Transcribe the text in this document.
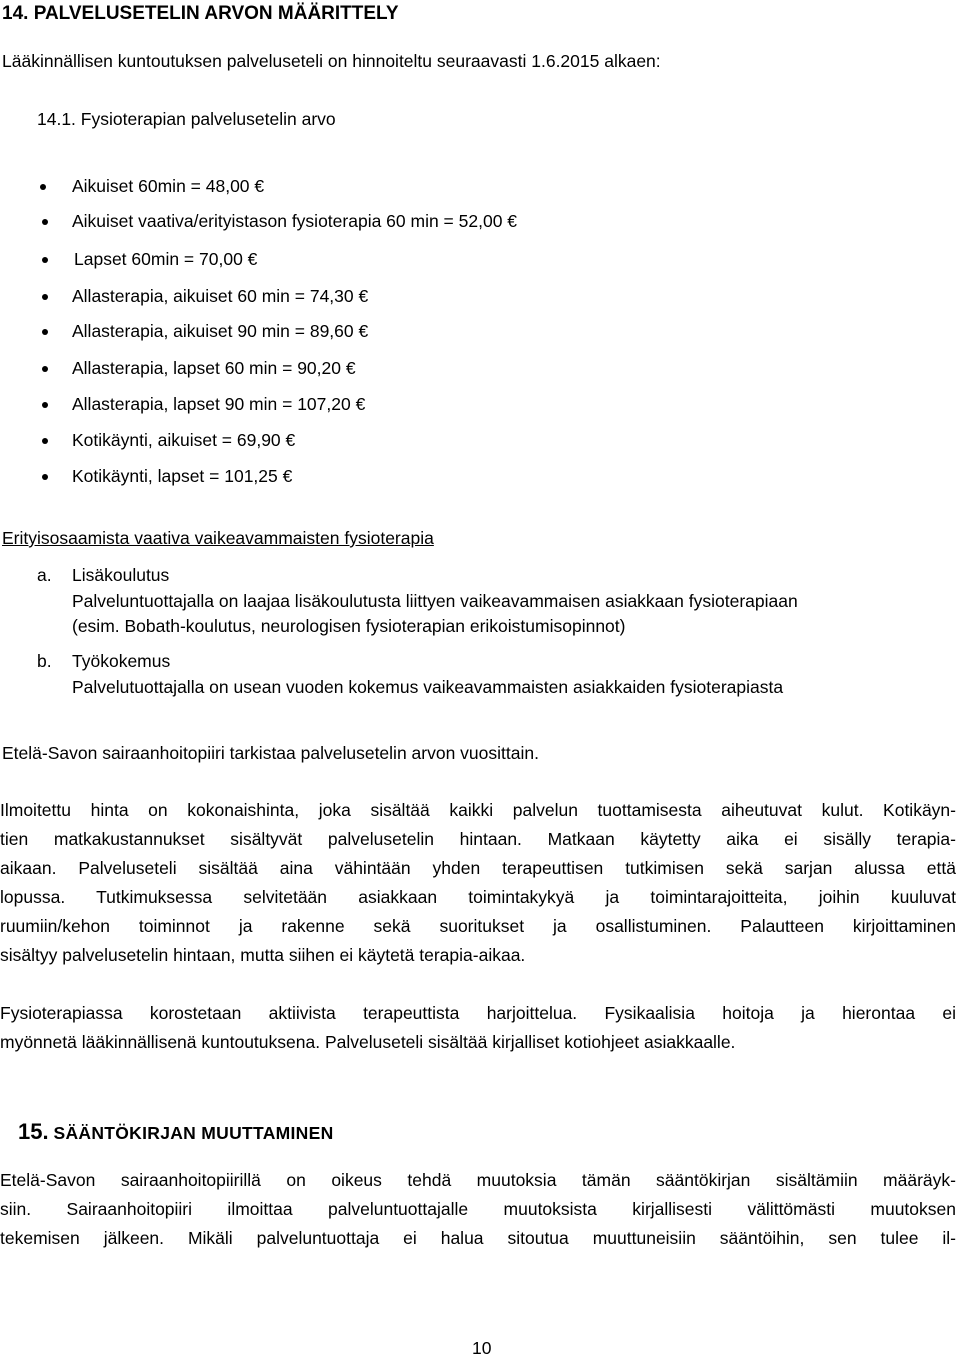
14. PALVELUSETELIN ARVON MÄÄRITTELY
Lääkinnällisen kuntoutuksen palveluseteli on hinnoiteltu seuraavasti 1.6.2015 alkaen:
14.1. Fysioterapian palvelusetelin arvo
Aikuiset 60min = 48,00 €
Aikuiset vaativa/erityistason fysioterapia 60 min = 52,00 €
Lapset 60min = 70,00 €
Allasterapia, aikuiset 60 min = 74,30 €
Allasterapia, aikuiset 90 min = 89,60 €
Allasterapia, lapset 60 min = 90,20 €
Allasterapia, lapset 90 min = 107,20 €
Kotikäynti, aikuiset = 69,90 €
Kotikäynti, lapset = 101,25 €
Erityisosaamista vaativa vaikeavammaisten fysioterapia
a. Lisäkoulutus
Palveluntuottajalla on laajaa lisäkoulutusta liittyen vaikeavammaisen asiakkaan fysioterapiaan
(esim. Bobath-koulutus, neurologisen fysioterapian erikoistumisopinnot)
b. Työkokemus
Palvelutuottajalla on usean vuoden kokemus vaikeavammaisten asiakkaiden fysioterapiasta
Etelä-Savon sairaanhoitopiiri tarkistaa palvelusetelin arvon vuosittain.
Ilmoitettu hinta on kokonaishinta, joka sisältää kaikki palvelun tuottamisesta aiheutuvat kulut. Kotikäyn-
tien matkakustannukset sisältyvät palvelusetelin hintaan. Matkaan käytetty aika ei sisälly terapia-
aikaan. Palveluseteli sisältää aina vähintään yhden terapeuttisen tutkimisen sekä sarjan alussa että
lopussa. Tutkimuksessa selvitetään asiakkaan toimintakykyä ja toimintarajoitteita, joihin kuuluvat
ruumiin/kehon toiminnot ja rakenne sekä suoritukset ja osallistuminen. Palautteen kirjoittaminen
sisältyy palvelusetelin hintaan, mutta siihen ei käytetä terapia-aikaa.
Fysioterapiassa korostetaan aktiivista terapeuttista harjoittelua. Fysikaalisia hoitoja ja hierontaa ei
myönnetä lääkinnällisenä kuntoutuksena. Palveluseteli sisältää kirjalliset kotiohjeet asiakkaalle.
15. SÄÄNTÖKIRJAN MUUTTAMINEN
Etelä-Savon sairaanhoitopiirillä on oikeus tehdä muutoksia tämän sääntökirjan sisältämiin määräyk-
siin. Sairaanhoitopiiri ilmoittaa palveluntuottajalle muutoksista kirjallisesti välittömästi muutoksen
tekemisen jälkeen. Mikäli palveluntuottaja ei halua sitoutua muuttuneisiin sääntöihin, sen tulee il-
10
